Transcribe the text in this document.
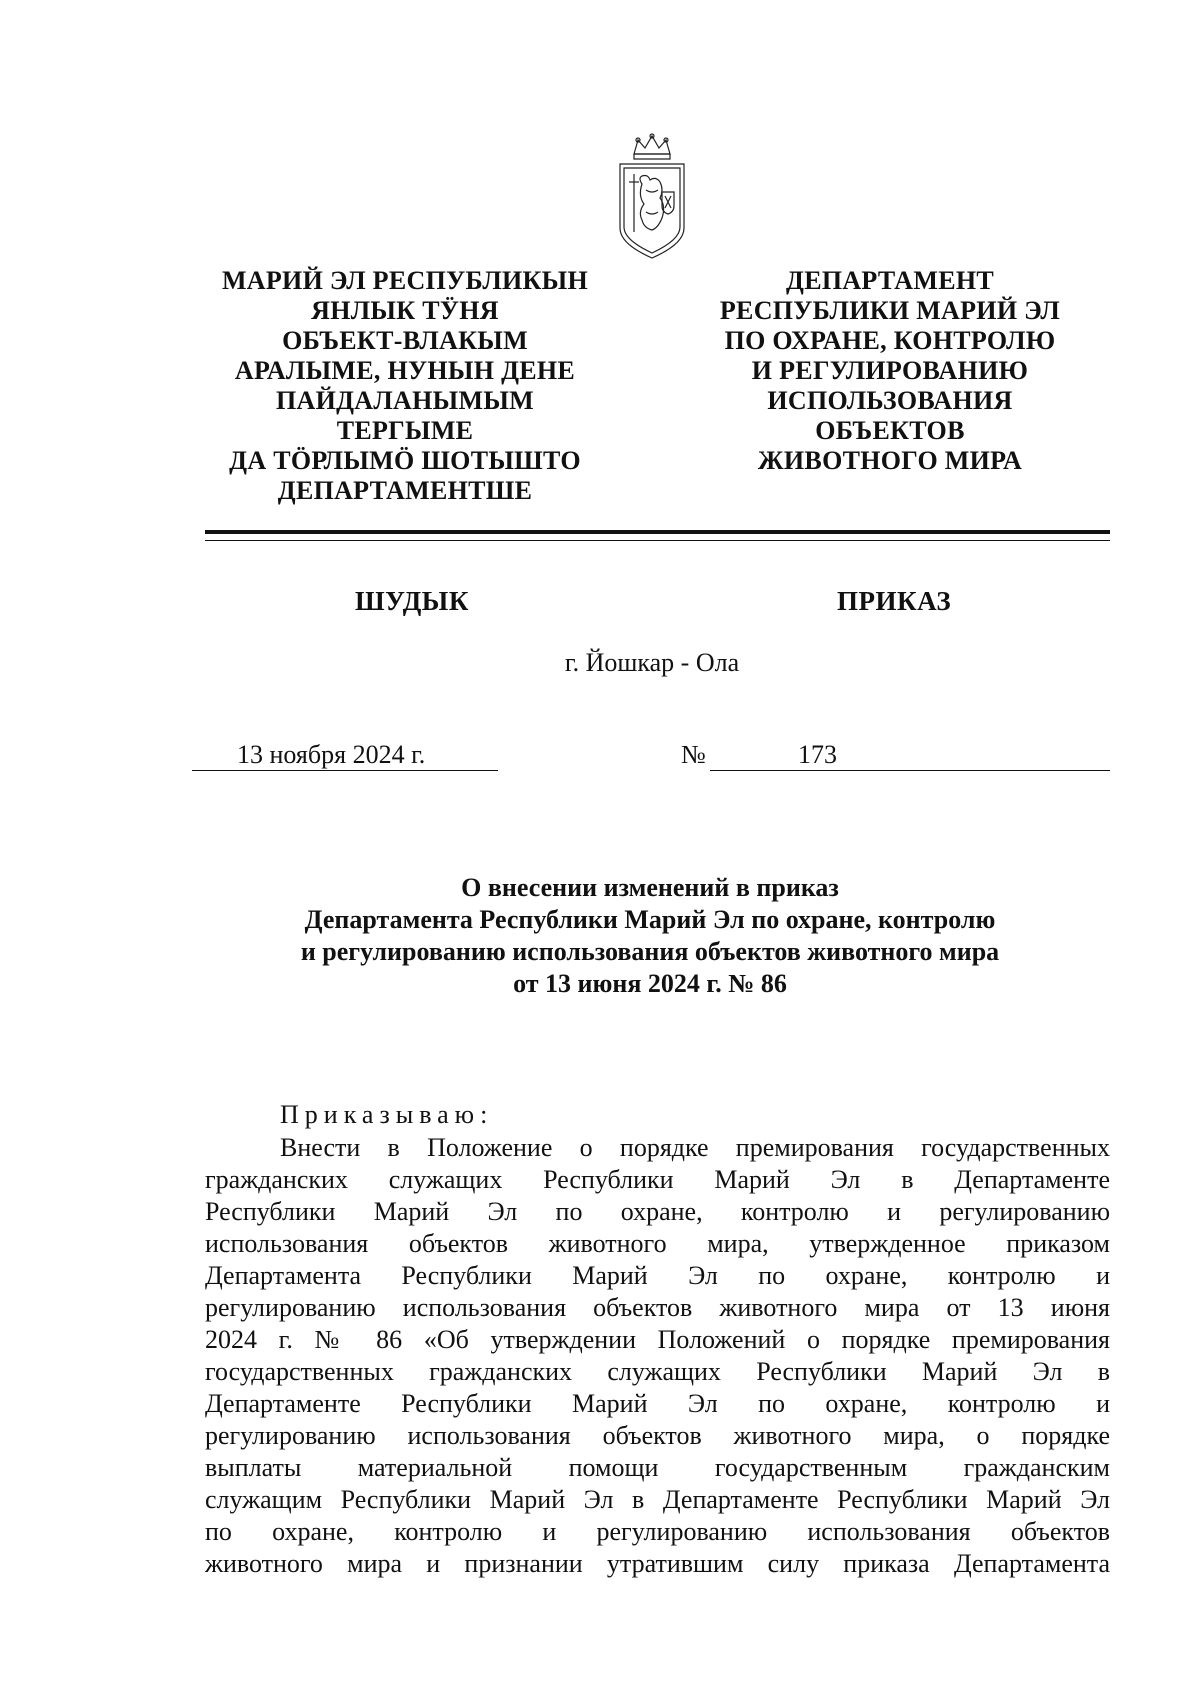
МАРИЙ ЭЛ РЕСПУБЛИКЫН
ЯНЛЫК ТӰНЯ
ОБЪЕКТ-ВЛАКЫМ
АРАЛЫМЕ, НУНЫН ДЕНЕ
ПАЙДАЛАНЫМЫМ
ТЕРГЫМЕ
ДА ТӦРЛЫМӦ ШОТЫШТО
ДЕПАРТАМЕНТШЕ
ДЕПАРТАМЕНТ
РЕСПУБЛИКИ МАРИЙ ЭЛ
ПО ОХРАНЕ, КОНТРОЛЮ
И РЕГУЛИРОВАНИЮ
ИСПОЛЬЗОВАНИЯ
ОБЪЕКТОВ
ЖИВОТНОГО МИРА
ШУДЫК	ПРИКАЗ
г. Йошкар - Ола
13 ноября 2024 г.	№	173
О внесении изменений в приказ
Департамента Республики Марий Эл по охране, контролю
и регулированию использования объектов животного мира
от 13 июня 2024 г. № 86
Приказываю:
Внести в Положение о порядке премирования государственных
гражданских служащих Республики Марий Эл в Департаменте
Республики Марий Эл по охране, контролю и регулированию
использования объектов животного мира, утвержденное приказом
Департамента Республики Марий Эл по охране, контролю и
регулированию использования объектов животного мира от 13 июня
2024 г. № 86 «Об утверждении Положений о порядке премирования
государственных гражданских служащих Республики Марий Эл в
Департаменте Республики Марий Эл по охране, контролю и
регулированию использования объектов животного мира, о порядке
выплаты материальной помощи государственным гражданским
служащим Республики Марий Эл в Департаменте Республики Марий Эл
по охране, контролю и регулированию использования объектов
животного мира и признании утратившим силу приказа Департамента
